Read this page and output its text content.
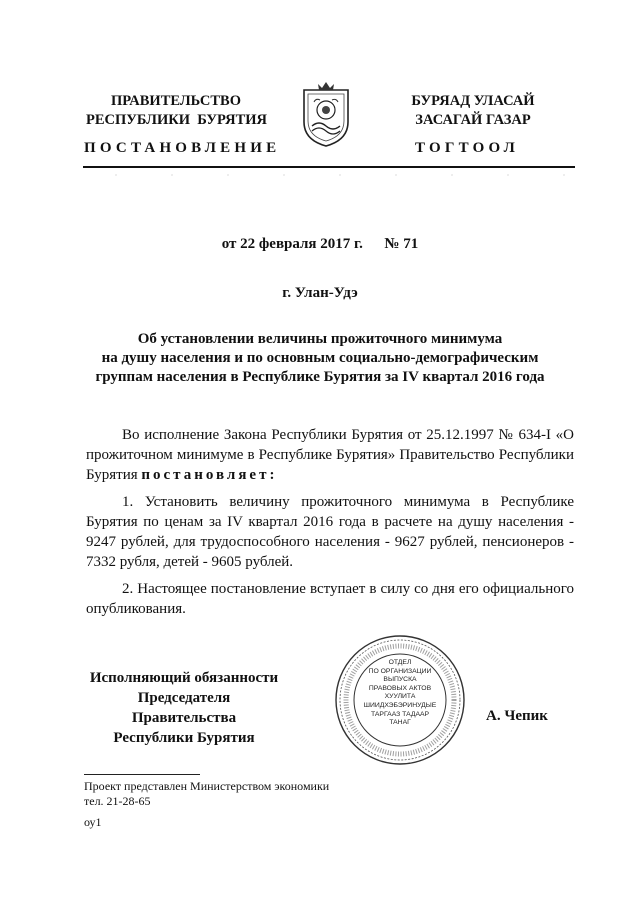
ПРАВИТЕЛЬСТВО
РЕСПУБЛИКИ  БУРЯТИЯ
БУРЯАД УЛАСАЙ
ЗАСАГАЙ ГАЗАР
ПОСТАНОВЛЕНИЕ	ТОГТООЛ
от 22 февраля 2017 г. № 71
г. Улан-Удэ
Об установлении величины прожиточного минимума
на душу населения и по основным социально-демографическим
группам населения в Республике Бурятия за IV квартал 2016 года
Во исполнение Закона Республики Бурятия от 25.12.1997 № 634-I «О прожиточном минимуме в Республике Бурятия» Правительство Республики Бурятия постановляет:
1. Установить величину прожиточного минимума в Республике Бурятия по ценам за IV квартал 2016 года в расчете на душу населения - 9247 рублей, для трудоспособного населения - 9627 рублей, пенсионеров - 7332 рубля, детей - 9605 рублей.
2. Настоящее постановление вступает в силу со дня его официального опубликования.
Исполняющий обязанности
Председателя Правительства
Республики Бурятия
ОТДЕЛ
ПО ОРГАНИЗАЦИИ
ВЫПУСКА
ПРАВОВЫХ АКТОВ
ХУУЛИТА
ШИИДХЭБЭРИНУДЫЕ
ТАРГААЗ ТАДААР
ТАНАГ	А. Чепик
Проект представлен Министерством экономики
тел. 21-28-65
оу1
